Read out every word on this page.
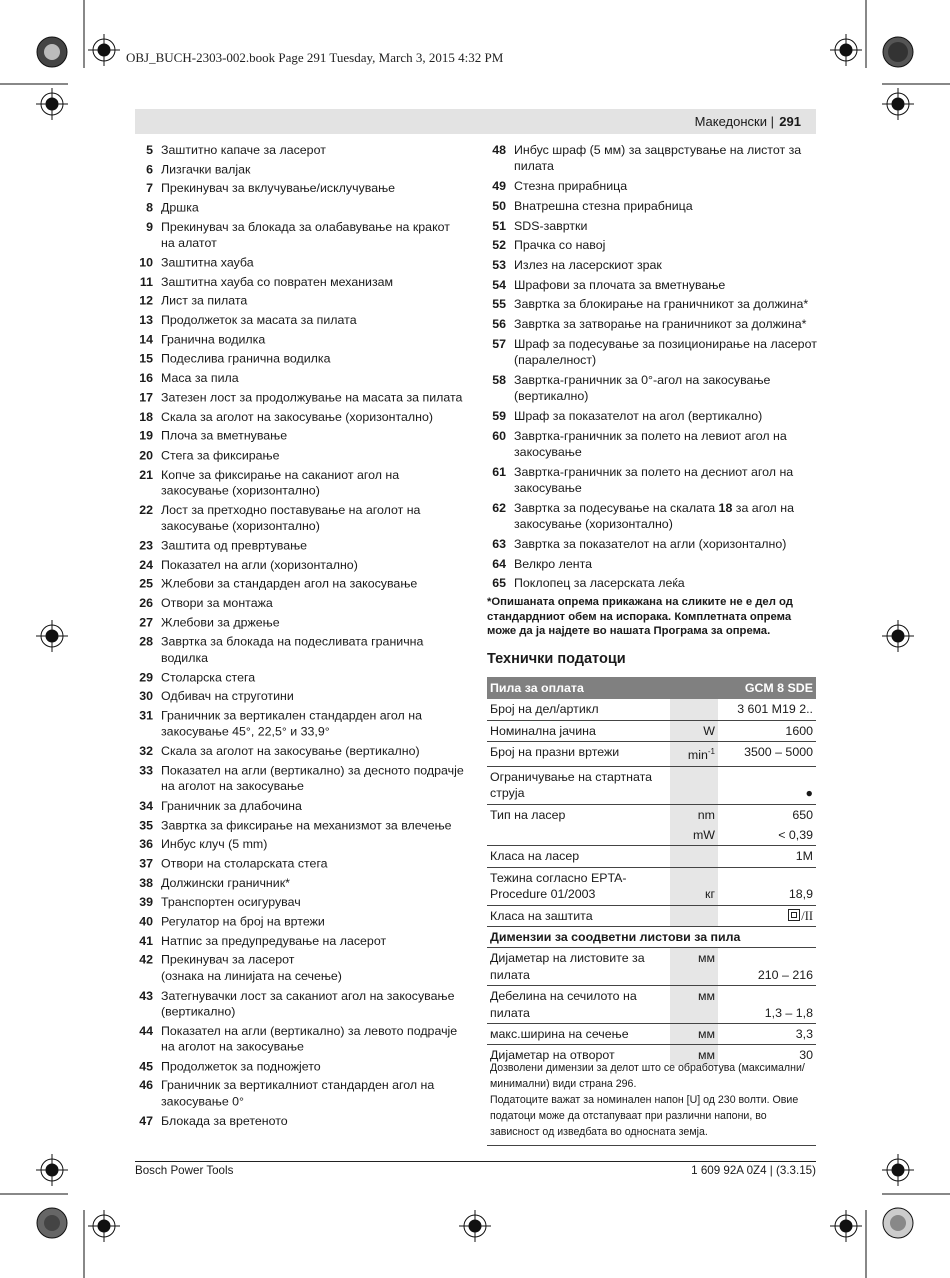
OBJ_BUCH-2303-002.book Page 291 Tuesday, March 3, 2015 4:32 PM
Македонски | 291
5 Заштитно капаче за ласерот
6 Лизгачки валјак
7 Прекинувач за вклучување/исклучување
8 Дршка
9 Прекинувач за блокада за олабавување на кракот на алатот
10 Заштитна хауба
11 Заштитна хауба со повратен механизам
12 Лист за пилата
13 Продолжеток за масата за пилата
14 Гранична водилка
15 Подеслива гранична водилка
16 Маса за пила
17 Затезен лост за продолжување на масата за пилата
18 Скала за аголот на закосување (хоризонтално)
19 Плоча за вметнување
20 Стега за фиксирање
21 Копче за фиксирање на саканиот агол на закосување (хоризонтално)
22 Лост за претходно поставување на аголот на закосување (хоризонтално)
23 Заштита од превртување
24 Показател на агли (хоризонтално)
25 Жлебови за стандарден агол на закосување
26 Отвори за монтажа
27 Жлебови за држење
28 Завртка за блокада на подесливата гранична водилка
29 Столарска стега
30 Одбивач на струготини
31 Граничник за вертикален стандарден агол на закосување 45°, 22,5° и 33,9°
32 Скала за аголот на закосување (вертикално)
33 Показател на агли (вертикално) за десното подрачје на аголот на закосување
34 Граничник за длабочина
35 Завртка за фиксирање на механизмот за влечење
36 Инбус клуч (5 mm)
37 Отвори на столарската стега
38 Должински граничник*
39 Транспортен осигурувач
40 Регулатор на број на вртежи
41 Натпис за предупредување на ласерот
42 Прекинувач за ласерот
(ознака на линијата на сечење)
43 Затегнувачки лост за саканиот агол на закосување (вертикално)
44 Показател на агли (вертикално) за левото подрачје на аголот на закосување
45 Продолжеток за подножјето
46 Граничник за вертикалниот стандарден агол на закосување 0°
47 Блокада за вретеното
48 Инбус шраф (5 мм) за зацврстување на листот за пилата
49 Стезна прирабница
50 Внатрешна стезна прирабница
51 SDS-завртки
52 Прачка со навој
53 Излез на ласерскиот зрак
54 Шрафови за плочата за вметнување
55 Завртка за блокирање на граничникот за должина*
56 Завртка за затворање на граничникот за должина*
57 Шраф за подесување за позиционирање на ласерот (паралелност)
58 Завртка-граничник за 0°-агол на закосување (вертикално)
59 Шраф за показателот на агол (вертикално)
60 Завртка-граничник за полето на левиот агол на закосување
61 Завртка-граничник за полето на десниот агол на закосување
62 Завртка за подесување на скалата 18 за агол на закосување (хоризонтално)
63 Завртка за показателот на агли (хоризонтално)
64 Велкро лента
65 Поклопец за ласерската леќа
*Опишаната опрема прикажана на сликите не е дел од стандардниот обем на испорака. Комплетната опрема може да ја најдете во нашата Програма за опрема.
Технички податоци
Пила за оплата		GCM 8 SDE
Број на дел/артикл		3 601 M19 2..
Номинална јачина	W	1600
Број на празни вртежи	$\min^{-1}$	3500 – 5000
Ограничување на стартната струја		●
Тип на ласер	nm	650
	mW	< 0,39
Класа на ласер		1M
Тежина согласно EPTA-Procedure 01/2003	кг	18,9
Класа на заштита		/II
Димензии за соодветни листови за пила		
Дијаметар на листовите за пилата	мм	210 – 216
Дебелина на сечилото на пилата	мм	1,3 – 1,8
макс.ширина на сечење	мм	3,3
Дијаметар на отворот	мм	30

Дозволени димензии за делот што се обработува (максимални/минимални) види страна 296.

Податоците важат за номинален напон [U] од 230 волти. Овие податоци може да отстапуваат при различни напони, во зависност од изведбата во односната земја.

Bosch Power Tools	1 609 92A 0Z4 | (3.3.15)
